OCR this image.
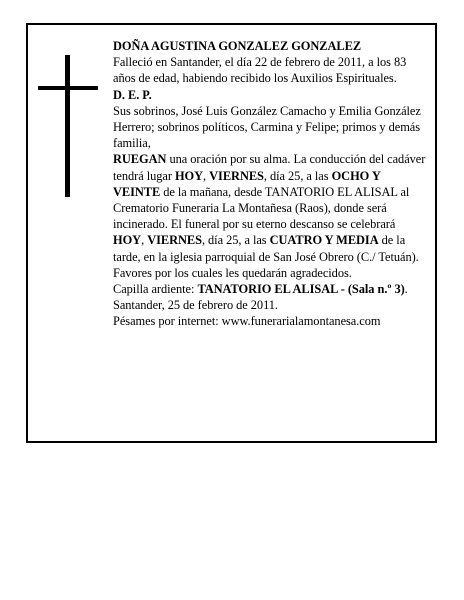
DOÑA AGUSTINA GONZALEZ GONZALEZ

Falleció en Santander, el día 22 de febrero de 2011, a los 83 años de edad, habiendo recibido los Auxilios Espirituales.

D. E. P.

Sus sobrinos, José Luis González Camacho y Emilia González Herrero; sobrinos políticos, Carmina y Felipe; primos y demás familia,

RUEGAN una oración por su alma. La conducción del cadáver tendrá lugar HOY, VIERNES, día 25, a las OCHO Y VEINTE de la mañana, desde TANATORIO EL ALISAL al Crematorio Funeraria La Montañesa (Raos), donde será incinerado. El funeral por su eterno descanso se celebrará HOY, VIERNES, día 25, a las CUATRO Y MEDIA de la tarde, en la iglesia parroquial de San José Obrero (C./ Tetuán). Favores por los cuales les quedarán agradecidos.

Capilla ardiente: TANATORIO EL ALISAL - (Sala n.º 3).

Santander, 25 de febrero de 2011.

Pésames por internet: www.funerarialamontanesa.com
